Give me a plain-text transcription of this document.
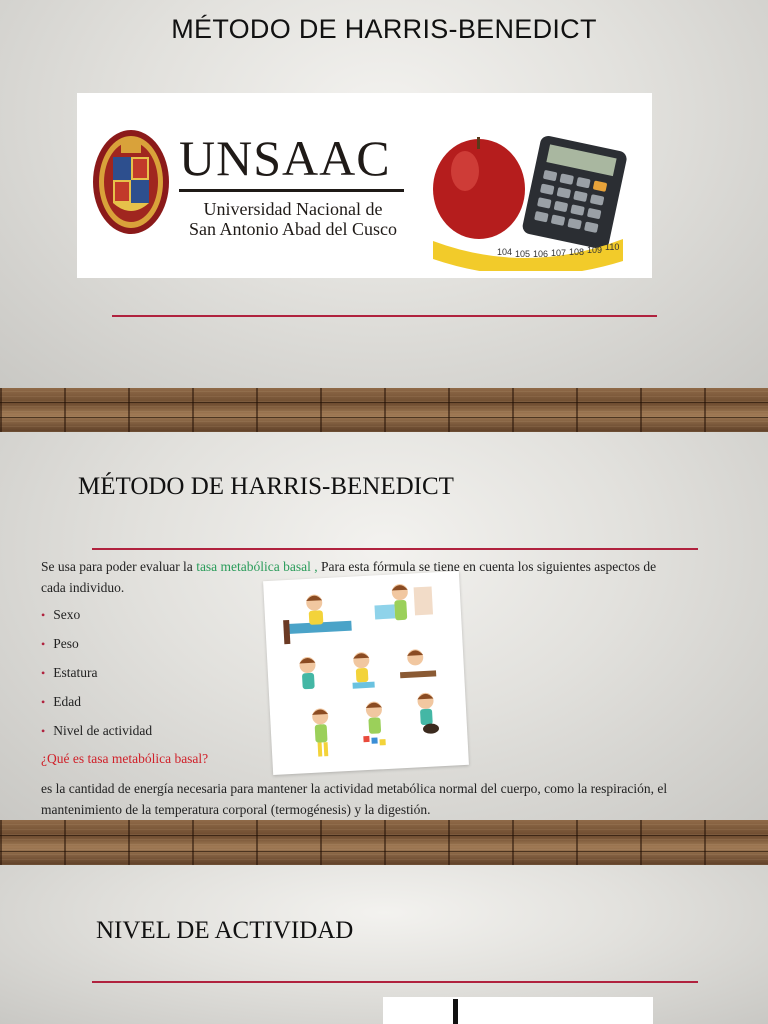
MÉTODO DE HARRIS-BENEDICT
UNSAAC
Universidad Nacional de
San Antonio Abad del Cusco
104 105 106 107 108 109 110
MÉTODO DE HARRIS-BENEDICT
Se usa para poder evaluar la tasa metabólica basal , Para esta fórmula se tiene en cuenta los siguientes aspectos de cada individuo.
• Sexo
• Peso
• Estatura
• Edad
• Nivel de actividad
¿Qué es tasa metabólica basal?
es la cantidad de energía necesaria para mantener la actividad metabólica normal del cuerpo, como la respiración, el mantenimiento de la temperatura corporal (termogénesis) y la digestión.
NIVEL DE ACTIVIDAD
